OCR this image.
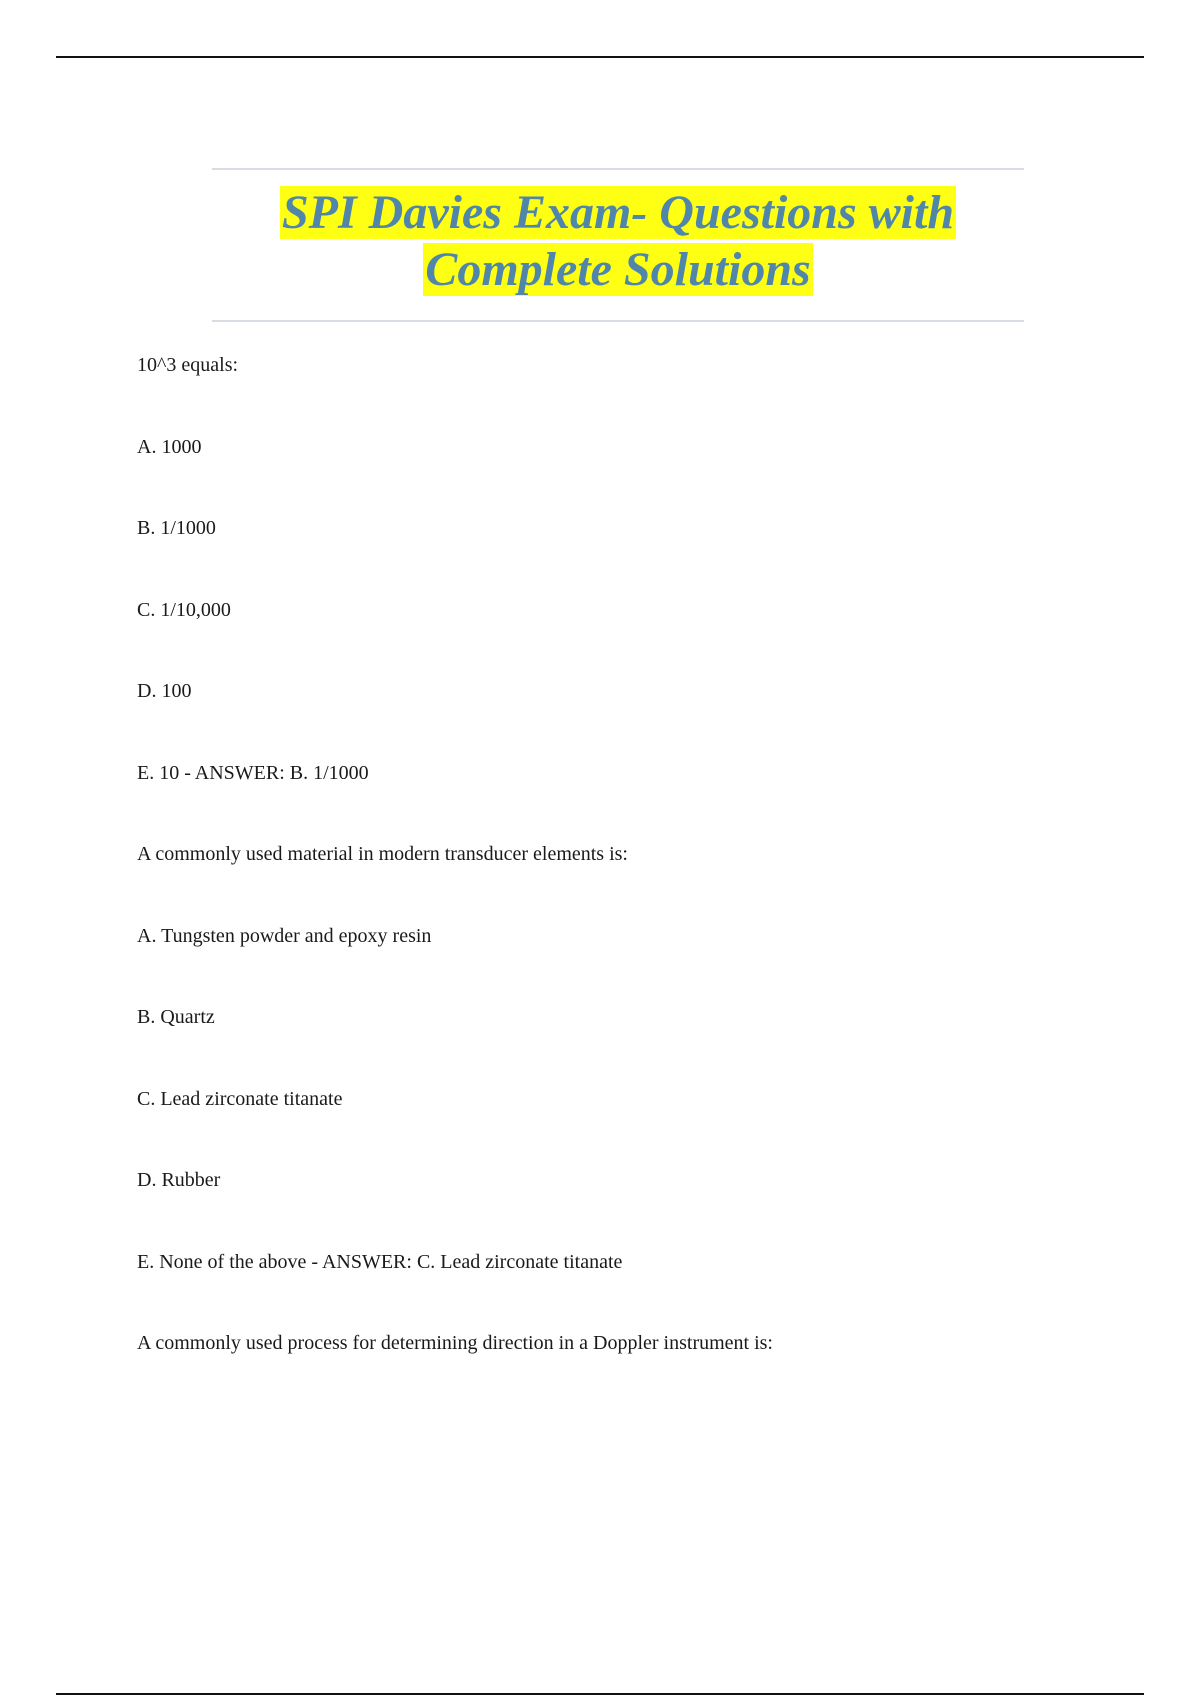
SPI Davies Exam- Questions with
Complete Solutions
10^3 equals:
A. 1000
B. 1/1000
C. 1/10,000
D. 100
E. 10 - ANSWER: B. 1/1000
A commonly used material in modern transducer elements is:
A. Tungsten powder and epoxy resin
B. Quartz
C. Lead zirconate titanate
D. Rubber
E. None of the above - ANSWER: C. Lead zirconate titanate
A commonly used process for determining direction in a Doppler instrument is:
